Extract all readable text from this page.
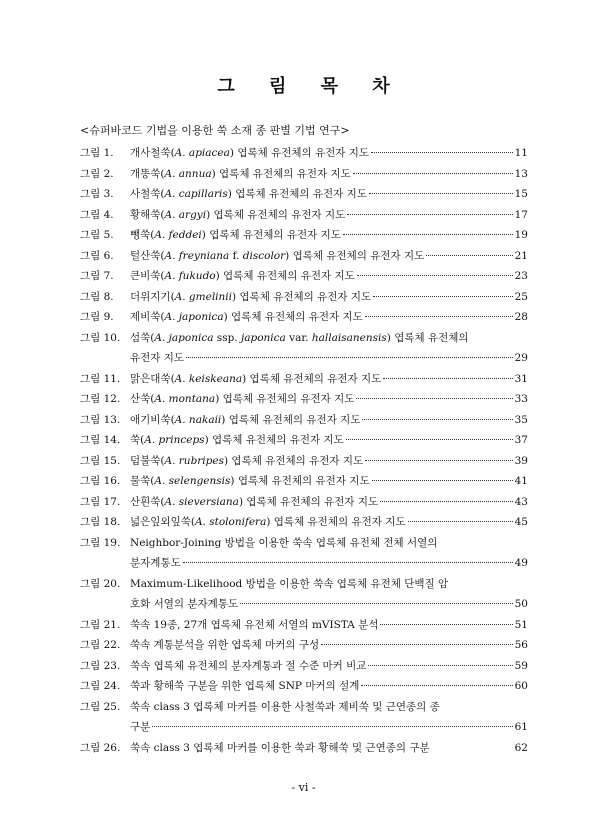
그 림 목 차
<슈퍼바코드 기법을 이용한 쑥 소재 종 판별 기법 연구>
그림 1.	개사철쑥(A. apiacea) 엽록체 유전체의 유전자 지도	11
그림 2.	개똥쑥(A. annua) 엽록체 유전체의 유전자 지도	13
그림 3.	사철쑥(A. capillaris) 엽록체 유전체의 유전자 지도	15
그림 4.	황해쑥(A. argyi) 엽록체 유전체의 유전자 지도	17
그림 5.	뺑쑥(A. feddei) 엽록체 유전체의 유전자 지도	19
그림 6.	털산쑥(A. freyniana f. discolor) 엽록체 유전체의 유전자 지도	21
그림 7.	큰비쑥(A. fukudo) 엽록체 유전체의 유전자 지도	23
그림 8.	더위지기(A. gmelinii) 엽록체 유전체의 유전자 지도	25
그림 9.	제비쑥(A. japonica) 엽록체 유전체의 유전자 지도	28
그림 10. 섬쑥(A. japonica ssp. japonica var. hallaisanensis) 엽록체 유전체의
유전자 지도	29
그림 11. 맑은대쑥(A. keiskeana) 엽록체 유전체의 유전자 지도	31
그림 12. 산쑥(A. montana) 엽록체 유전체의 유전자 지도	33
그림 13. 애기비쑥(A. nakaii) 엽록체 유전체의 유전자 지도	35
그림 14. 쑥(A. princeps) 엽록체 유전체의 유전자 지도	37
그림 15. 덤불쑥(A. rubripes) 엽록체 유전체의 유전자 지도	39
그림 16. 물쑥(A. selengensis) 엽록체 유전체의 유전자 지도	41
그림 17. 산흰쑥(A. sieversiana) 엽록체 유전체의 유전자 지도	43
그림 18. 넓은잎외잎쑥(A. stolonifera) 엽록체 유전체의 유전자 지도	45
그림 19. Neighbor-Joining 방법을 이용한 쑥속 엽록체 유전체 전체 서열의
분자계통도	49
그림 20. Maximum-Likelihood 방법을 이용한 쑥속 엽록체 유전체 단백질 암
호화 서열의 분자계통도	50
그림 21. 쑥속 19종, 27개 엽록체 유전체 서열의 mVISTA 분석	51
그림 22. 쑥속 계통분석을 위한 엽록체 마커의 구성	56
그림 23. 쑥속 엽록체 유전체의 분자계통과 절 수준 마커 비교	59
그림 24. 쑥과 황해쑥 구분을 위한 엽록체 SNP 마커의 설계	60
그림 25. 쑥속 class 3 엽록체 마커를 이용한 사철쑥과 제비쑥 및 근연종의 종
구분	61
그림 26. 쑥속 class 3 엽록체 마커를 이용한 쑥과 황해쑥 및 근연종의 구분	62
- vi -
